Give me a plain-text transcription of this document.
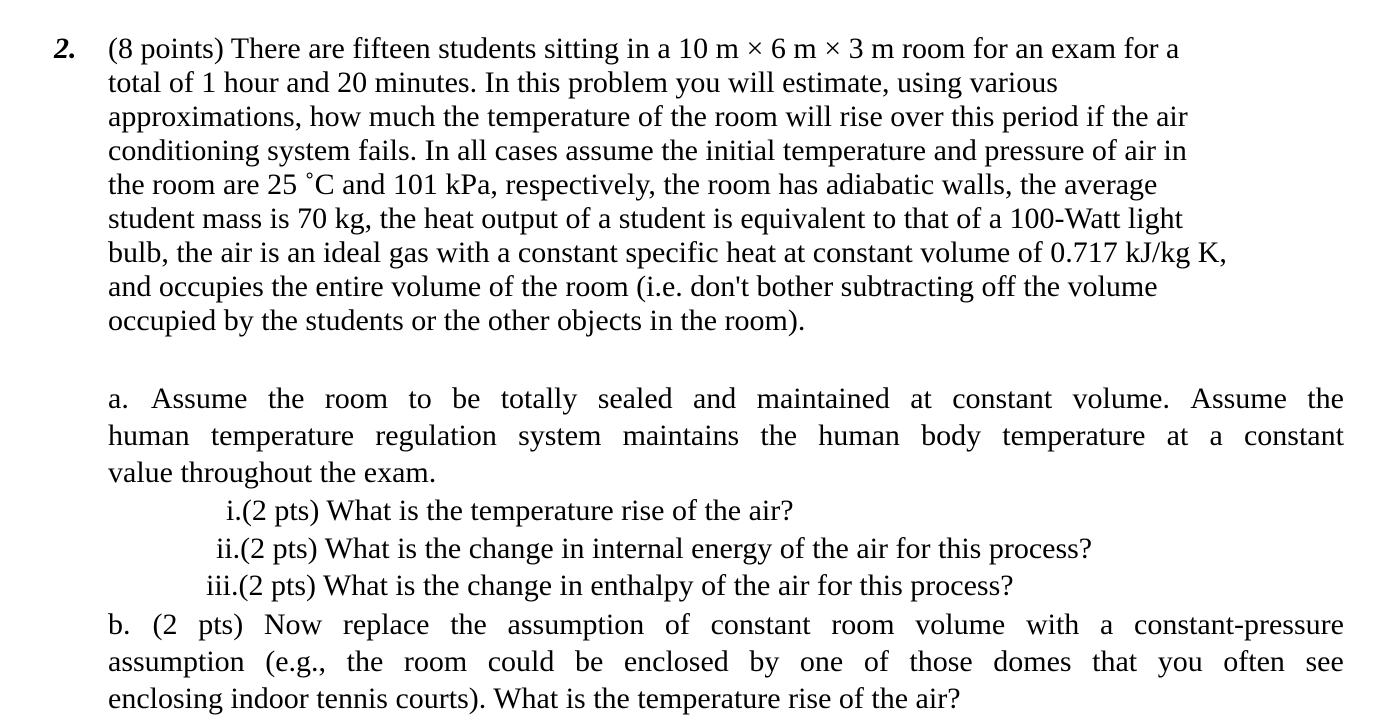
2. (8 points) There are fifteen students sitting in a 10 m × 6 m × 3 m room for an exam for a
total of 1 hour and 20 minutes. In this problem you will estimate, using various
approximations, how much the temperature of the room will rise over this period if the air
conditioning system fails. In all cases assume the initial temperature and pressure of air in
the room are 25 ˚C and 101 kPa, respectively, the room has adiabatic walls, the average
student mass is 70 kg, the heat output of a student is equivalent to that of a 100-Watt light
bulb, the air is an ideal gas with a constant specific heat at constant volume of 0.717 kJ/kg K,
and occupies the entire volume of the room (i.e. don't bother subtracting off the volume
occupied by the students or the other objects in the room).
a. Assume the room to be totally sealed and maintained at constant volume. Assume the
human temperature regulation system maintains the human body temperature at a constant
value throughout the exam.
i.(2 pts) What is the temperature rise of the air?
ii.(2 pts) What is the change in internal energy of the air for this process?
iii.(2 pts) What is the change in enthalpy of the air for this process?
b. (2 pts) Now replace the assumption of constant room volume with a constant-pressure
assumption (e.g., the room could be enclosed by one of those domes that you often see
enclosing indoor tennis courts). What is the temperature rise of the air?
